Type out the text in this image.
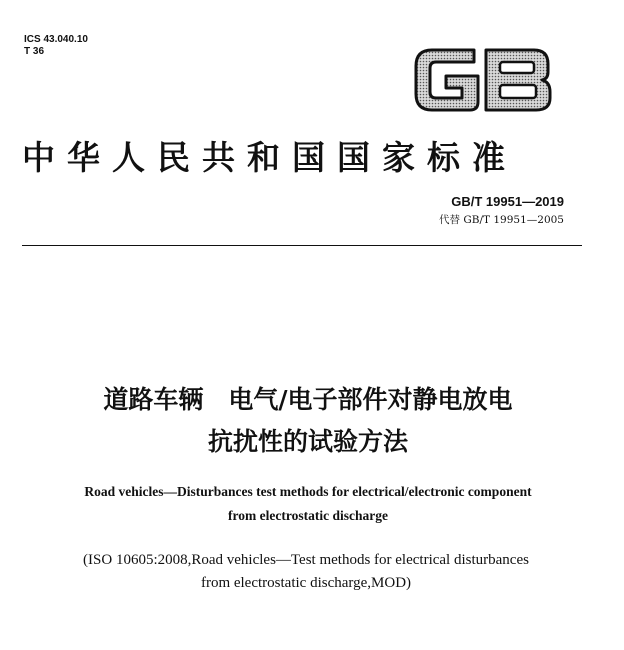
ICS 43.040.10
T 36
中华人民共和国国家标准
GB/T 19951—2019
代替 GB/T 19951—2005
道路车辆　电气/电子部件对静电放电
抗扰性的试验方法
Road vehicles—Disturbances test methods for electrical/electronic component
from electrostatic discharge
(ISO 10605:2008,Road vehicles—Test methods for electrical disturbances
from electrostatic discharge,MOD)
